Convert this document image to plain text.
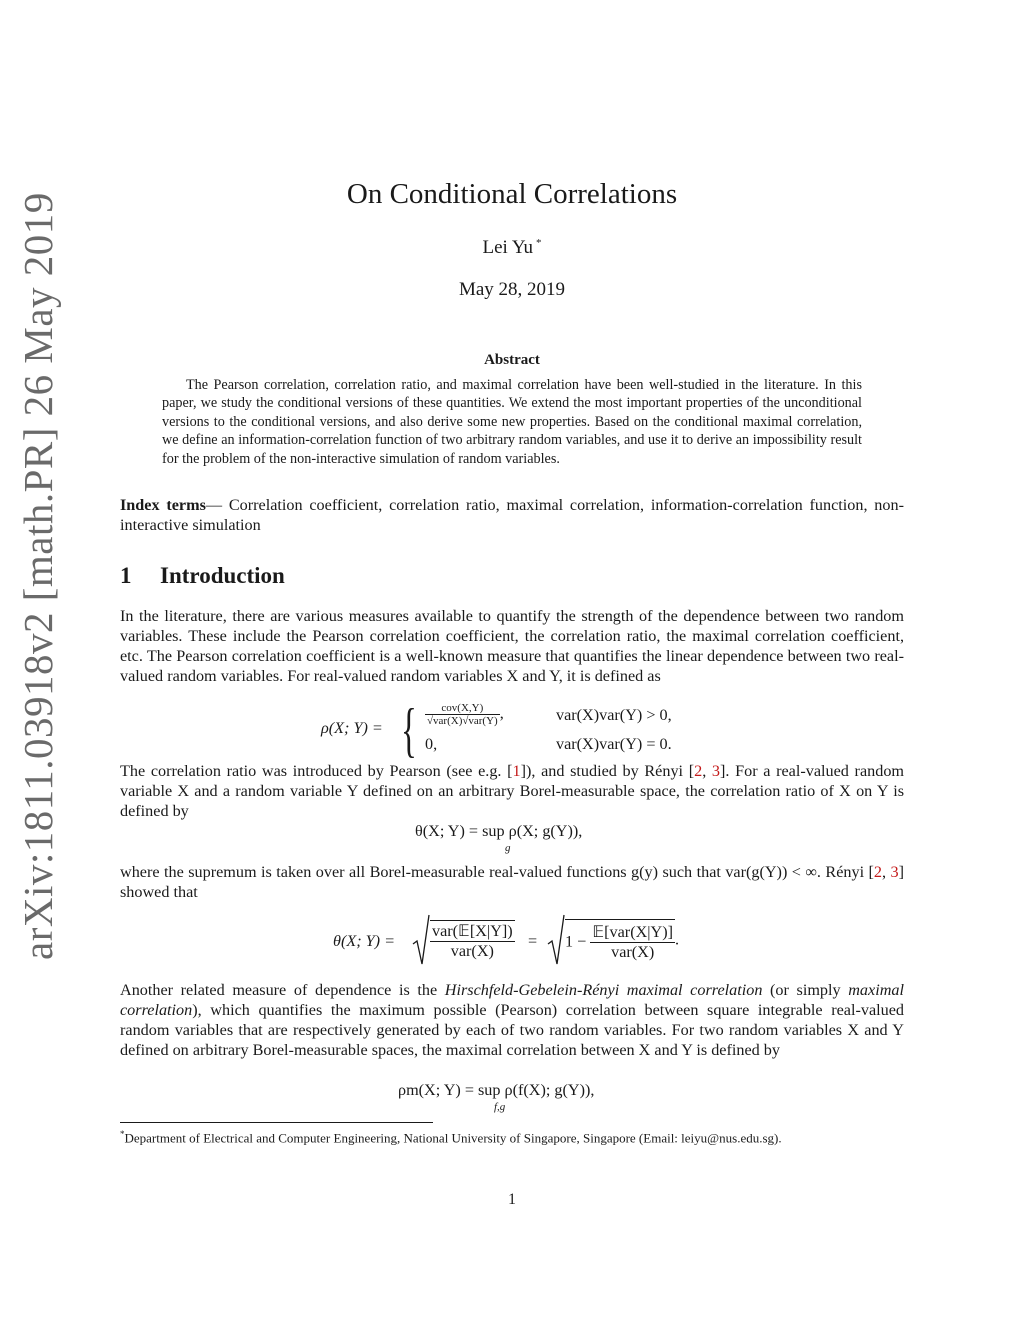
arXiv:1811.03918v2 [math.PR] 26 May 2019	On Conditional Correlations
Lei Yu *
May 28, 2019
Abstract
The Pearson correlation, correlation ratio, and maximal correlation have been well-studied in the literature. In this paper, we study the conditional versions of these quantities. We extend the most important properties of the unconditional versions to the conditional versions, and also derive some new properties. Based on the conditional maximal correlation, we define an information-correlation function of two arbitrary random variables, and use it to derive an impossibility result for the problem of the non-interactive simulation of random variables.
Index terms— Correlation coefficient, correlation ratio, maximal correlation, information-correlation function, non-interactive simulation
1 Introduction
In the literature, there are various measures available to quantify the strength of the dependence between two random variables. These include the Pearson correlation coefficient, the correlation ratio, the maximal correlation coefficient, etc. The Pearson correlation coefficient is a well-known measure that quantifies the linear dependence between two real-valued random variables. For real-valued random variables X and Y, it is defined as
ρ(X; Y) = { $\frac{\text{cov(X,Y)}}{\text{√var(X)√var(Y)}}$ ,	var(X)var(Y) > 0,
0,	var(X)var(Y) = 0.
The correlation ratio was introduced by Pearson (see e.g. [1]), and studied by Rényi [2, 3]. For a real-valued random variable X and a random variable Y defined on an arbitrary Borel-measurable space, the correlation ratio of X on Y is defined by
θ(X; Y) = sup ρ(X; g(Y)),
g
where the supremum is taken over all Borel-measurable real-valued functions g(y) such that var(g(Y)) < ∞. Rényi [2, 3] showed that
θ(X; $Y) = \frac{\text{var(𝔼[X|Y])}}{\text{var(X)}}$ =	$1 - \frac{\text{𝔼[var(X|Y)]}}{\text{var(X)}}$ .
Another related measure of dependence is the Hirschfeld-Gebelein-Rényi maximal correlation (or simply maximal correlation), which quantifies the maximum possible (Pearson) correlation between square integrable real-valued random variables that are respectively generated by each of two random variables. For two random variables X and Y defined on arbitrary Borel-measurable spaces, the maximal correlation between X and Y is defined by
ρm(X; Y) = sup ρ(f(X); g(Y)),
f,g
*Department of Electrical and Computer Engineering, National University of Singapore, Singapore (Email: leiyu@nus.edu.sg).
1
